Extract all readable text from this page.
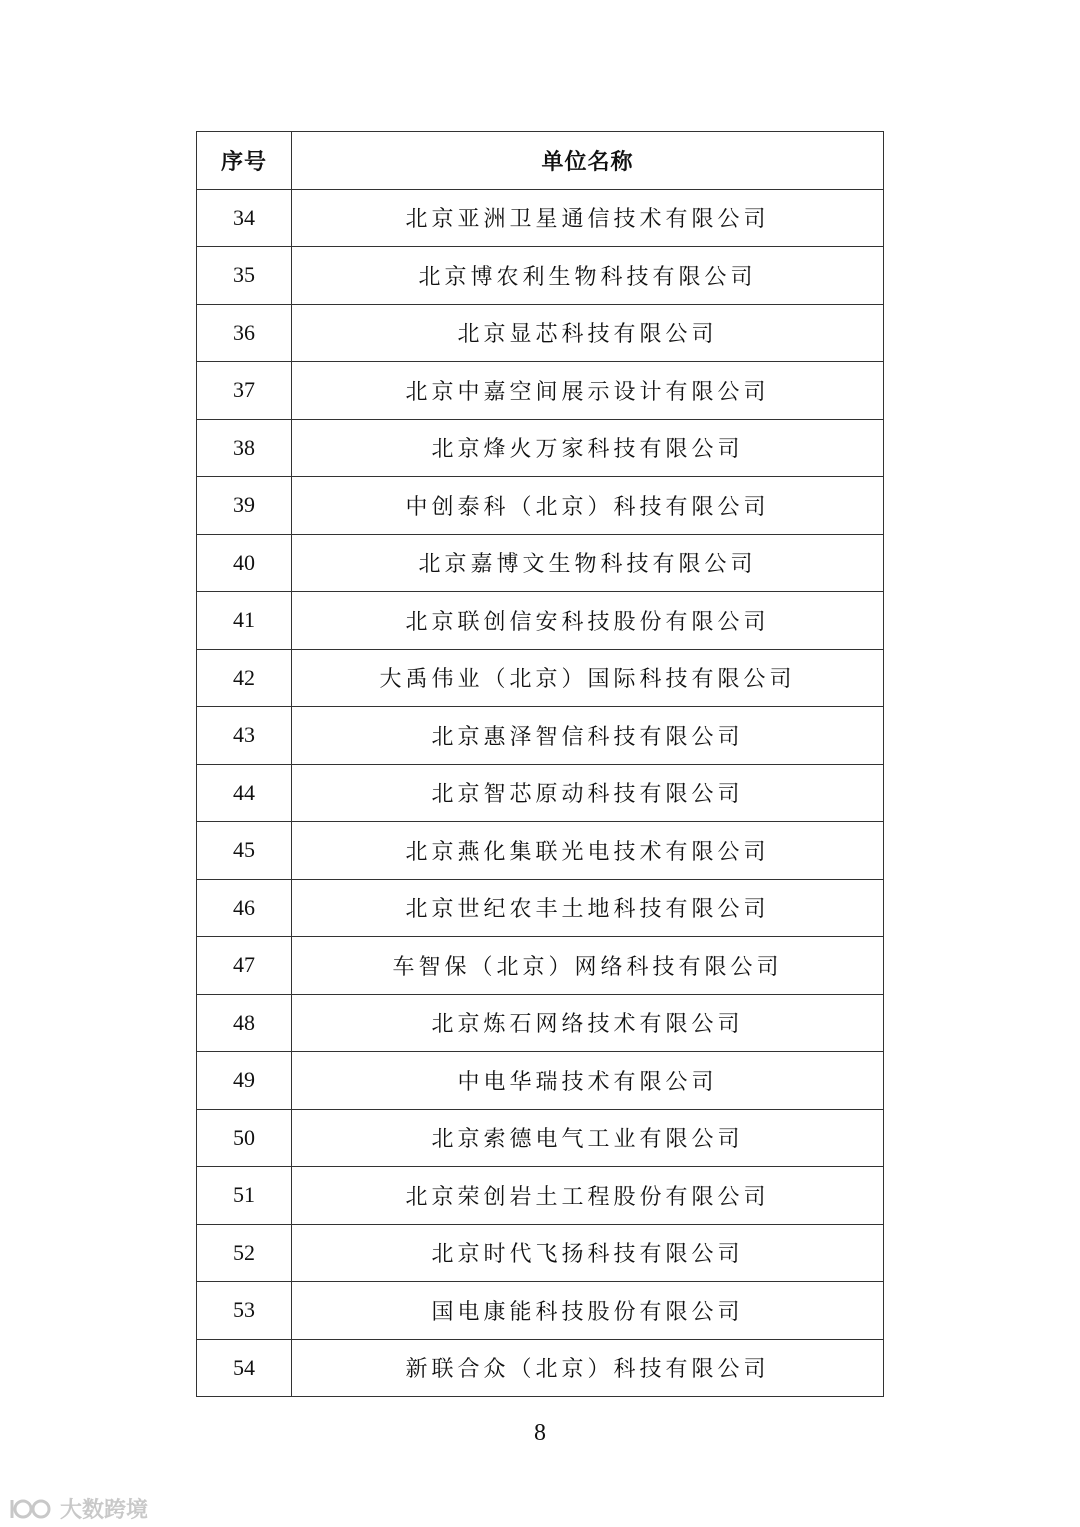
序号	单位名称
34	北京亚洲卫星通信技术有限公司
35	北京博农利生物科技有限公司
36	北京显芯科技有限公司
37	北京中嘉空间展示设计有限公司
38	北京烽火万家科技有限公司
39	中创泰科（北京）科技有限公司
40	北京嘉博文生物科技有限公司
41	北京联创信安科技股份有限公司
42	大禹伟业（北京）国际科技有限公司
43	北京惠泽智信科技有限公司
44	北京智芯原动科技有限公司
45	北京燕化集联光电技术有限公司
46	北京世纪农丰土地科技有限公司
47	车智保（北京）网络科技有限公司
48	北京炼石网络技术有限公司
49	中电华瑞技术有限公司
50	北京索德电气工业有限公司
51	北京荣创岩土工程股份有限公司
52	北京时代飞扬科技有限公司
53	国电康能科技股份有限公司
54	新联合众（北京）科技有限公司
8
大数跨境
